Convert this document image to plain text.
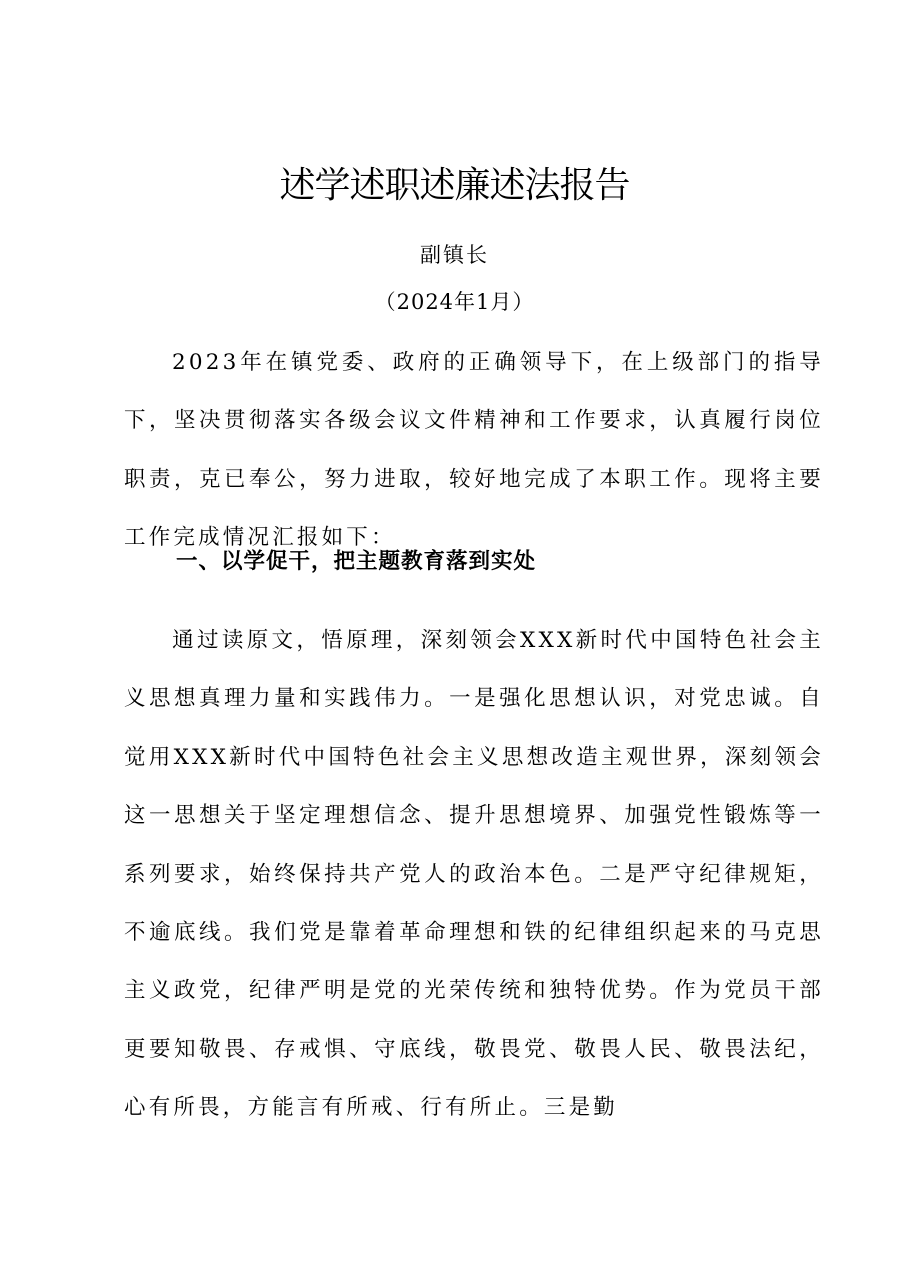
述学述职述廉述法报告
副镇长
（2024年1月）

2023年在镇党委、政府的正确领导下，在上级部门的指导下，坚决贯彻落实各级会议文件精神和工作要求，认真履行岗位职责，克已奉公，努力进取，较好地完成了本职工作。现将主要工作完成情况汇报如下：

一、以学促干，把主题教育落到实处

通过读原文，悟原理，深刻领会XXX新时代中国特色社会主义思想真理力量和实践伟力。一是强化思想认识，对党忠诚。自觉用XXX新时代中国特色社会主义思想改造主观世界，深刻领会这一思想关于坚定理想信念、提升思想境界、加强党性锻炼等一系列要求，始终保持共产党人的政治本色。二是严守纪律规矩，不逾底线。我们党是靠着革命理想和铁的纪律组织起来的马克思主义政党，纪律严明是党的光荣传统和独特优势。作为党员干部更要知敬畏、存戒惧、守底线，敬畏党、敬畏人民、敬畏法纪，心有所畏，方能言有所戒、行有所止。三是勤
